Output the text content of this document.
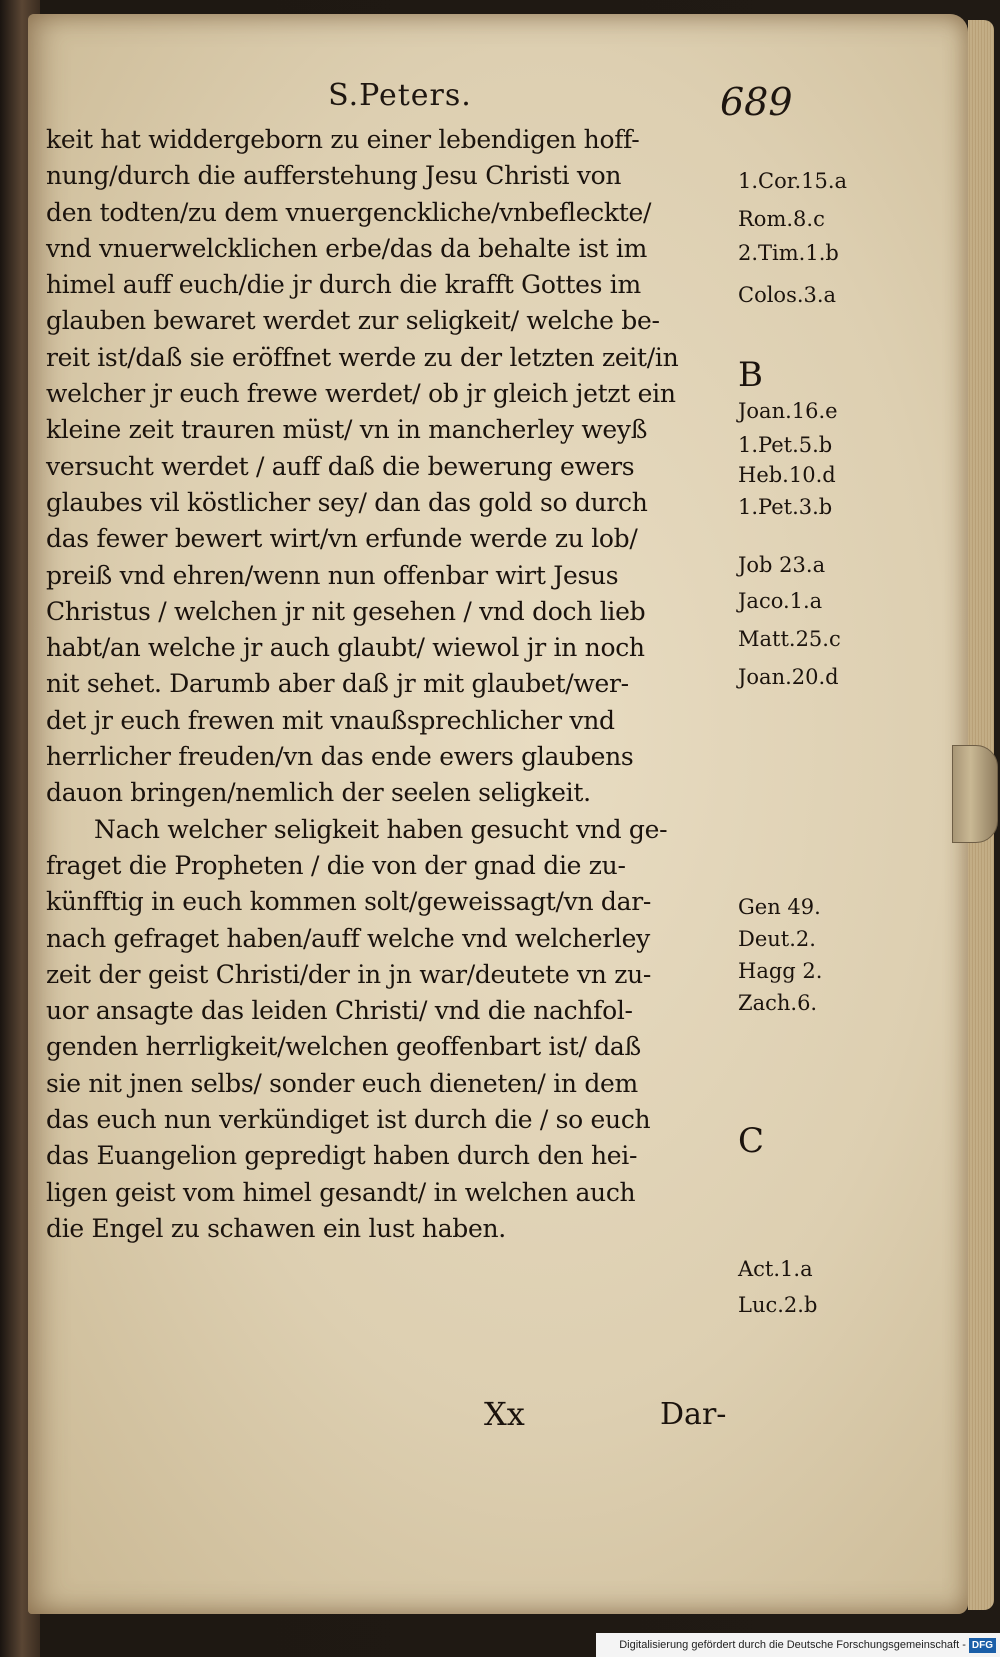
S.Peters.	689
keit hat widdergeborn zu einer lebendigen hoff-
nung/durch die aufferstehung Jesu Christi von
den todten/zu dem vnuergenckliche/vnbefleckte/
vnd vnuerwelcklichen erbe/das da behalte ist im
himel auff euch/die jr durch die krafft Gottes im
glauben bewaret werdet zur seligkeit/ welche be-
reit ist/daß sie eröffnet werde zu der letzten zeit/in
welcher jr euch frewe werdet/ ob jr gleich jetzt ein
kleine zeit trauren müst/ vn in mancherley weyß
versucht werdet / auff daß die bewerung ewers
glaubes vil köstlicher sey/ dan das gold so durch
das fewer bewert wirt/vn erfunde werde zu lob/
preiß vnd ehren/wenn nun offenbar wirt Jesus
Christus / welchen jr nit gesehen / vnd doch lieb
habt/an welche jr auch glaubt/ wiewol jr in noch
nit sehet. Darumb aber daß jr mit glaubet/wer-
det jr euch frewen mit vnaußsprechlicher vnd
herrlicher freuden/vn das ende ewers glaubens
dauon bringen/nemlich der seelen seligkeit.
Nach welcher seligkeit haben gesucht vnd ge-
fraget die Propheten / die von der gnad die zu-
künfftig in euch kommen solt/geweissagt/vn dar-
nach gefraget haben/auff welche vnd welcherley
zeit der geist Christi/der in jn war/deutete vn zu-
uor ansagte das leiden Christi/ vnd die nachfol-
genden herrligkeit/welchen geoffenbart ist/ daß
sie nit jnen selbs/ sonder euch dieneten/ in dem
das euch nun verkündiget ist durch die / so euch
das Euangelion gepredigt haben durch den hei-
ligen geist vom himel gesandt/ in welchen auch
die Engel zu schawen ein lust haben.
1.Cor.15.a
Rom.8.c
2.Tim.1.b
Colos.3.a
B
Joan.16.e
1.Pet.5.b
Heb.10.d
1.Pet.3.b
Job 23.a
Jaco.1.a
Matt.25.c
Joan.20.d
Gen 49.
Deut.2.
Hagg 2.
Zach.6.
C
Act.1.a
Luc.2.b
Xx	Dar-
Digitalisierung gefördert durch die Deutsche Forschungsgemeinschaft - DFG
